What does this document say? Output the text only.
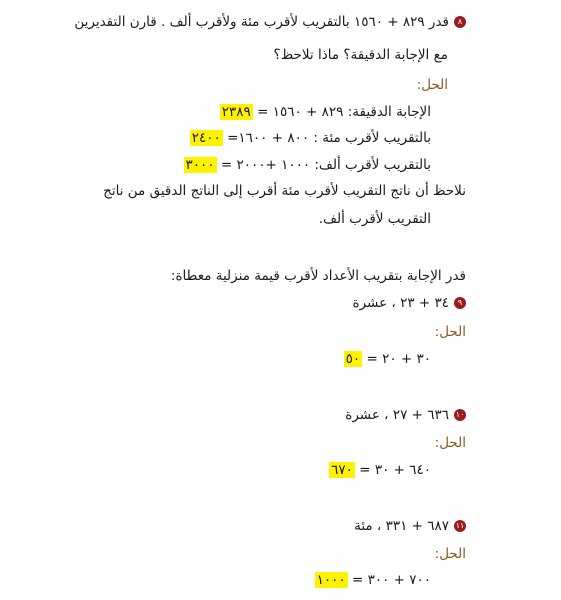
٨قدر ٨٢٩ + ١٥٦٠ بالتقريب لأقرب مئة ولأقرب ألف . قارن التقديرين
مع الإجابة الدقيقة؟ ماذا تلاحظ؟
الحل:
الإجابة الدقيقة: ٨٢٩ + ١٥٦٠ = ٢٣٨٩
بالتقريب لأقرب مئة : ٨٠٠ + ١٦٠٠= ٢٤٠٠
بالتقريب لأقرب ألف: ١٠٠٠ +٢٠٠٠ = ٣٠٠٠
نلاحظ أن ناتج التقريب لأقرب مئة أقرب إلى الناتج الدقيق من ناتج
التقريب لأقرب ألف.
قدر الإجابة بتقريب الأعداد لأقرب قيمة منزلية معطاة:
٩٣٤ + ٢٣ ، عشرة
الحل:
٣٠ + ٢٠ = ٥٠
١٠٦٣٦ + ٢٧ ، عشرة
الحل:
٦٤٠ + ٣٠ = ٦٧٠
١١٦٨٧ + ٣٣١ ، مئة
الحل:
٧٠٠ + ٣٠٠ = ١٠٠٠
